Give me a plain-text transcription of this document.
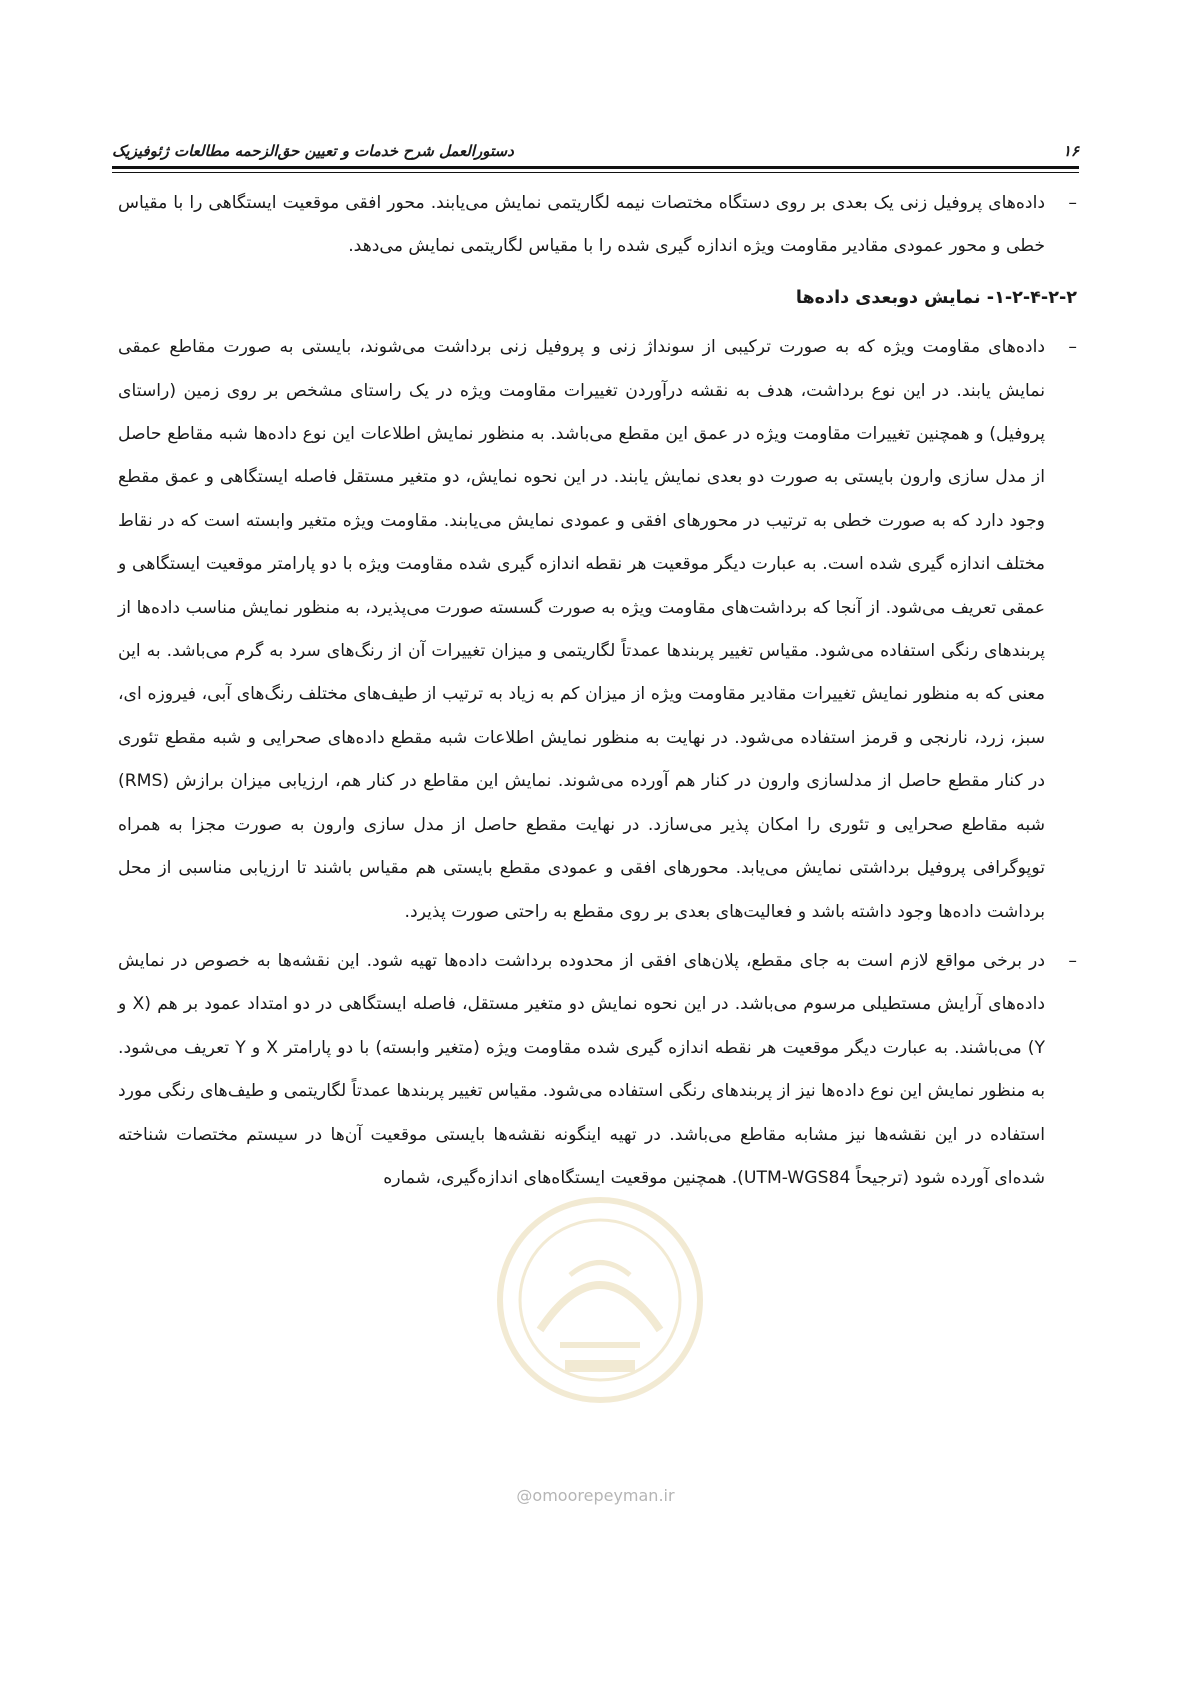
۱۶
دستورالعمل شرح خدمات و تعیین حق‌الزحمه مطالعات ژئوفیزیک

–
داده‌های پروفیل زنی یک بعدی بر روی دستگاه مختصات نیمه لگاریتمی نمایش می‌یابند. محور افقی موقعیت ایستگاهی را با مقیاس خطی و محور عمودی مقادیر مقاومت ویژه اندازه گیری شده را با مقیاس لگاریتمی نمایش می‌دهد.

۱-۲-۴-۲-۲- نمایش دوبعدی داده‌ها

–
داده‌های مقاومت ویژه که به صورت ترکیبی از سونداژ زنی و پروفیل زنی برداشت می‌شوند، بایستی به صورت مقاطع عمقی نمایش یابند. در این نوع برداشت، هدف به نقشه درآوردن تغییرات مقاومت ویژه در یک راستای مشخص بر روی زمین (راستای پروفیل) و همچنین تغییرات مقاومت ویژه در عمق این مقطع می‌باشد. به منظور نمایش اطلاعات این نوع داده‌ها شبه مقاطع حاصل از مدل سازی وارون بایستی به صورت دو بعدی نمایش یابند. در این نحوه نمایش، دو متغیر مستقل فاصله ایستگاهی و عمق مقطع وجود دارد که به صورت خطی به ترتیب در محورهای افقی و عمودی نمایش می‌یابند. مقاومت ویژه متغیر وابسته است که در نقاط مختلف اندازه گیری شده است. به عبارت دیگر موقعیت هر نقطه اندازه گیری شده مقاومت ویژه با دو پارامتر موقعیت ایستگاهی و عمقی تعریف می‌شود. از آنجا که برداشت‌های مقاومت ویژه به صورت گسسته صورت می‌پذیرد، به منظور نمایش مناسب داده‌ها از پربندهای رنگی استفاده می‌شود. مقیاس تغییر پربندها عمدتاً لگاریتمی و میزان تغییرات آن از رنگ‌های سرد به گرم می‌باشد. به این معنی که به منظور نمایش تغییرات مقادیر مقاومت ویژه از میزان کم به زیاد به ترتیب از طیف‌های مختلف رنگ‌های آبی، فیروزه ای، سبز، زرد، نارنجی و قرمز استفاده می‌شود. در نهایت به منظور نمایش اطلاعات شبه مقطع داده‌های صحرایی و شبه مقطع تئوری در کنار مقطع حاصل از مدلسازی وارون در کنار هم آورده می‌شوند. نمایش این مقاطع در کنار هم، ارزیابی میزان برازش (RMS) شبه مقاطع صحرایی و تئوری را امکان پذیر می‌سازد. در نهایت مقطع حاصل از مدل سازی وارون به صورت مجزا به همراه توپوگرافی پروفیل برداشتی نمایش می‌یابد. محورهای افقی و عمودی مقطع بایستی هم مقیاس باشند تا ارزیابی مناسبی از محل برداشت داده‌ها وجود داشته باشد و فعالیت‌های بعدی بر روی مقطع به راحتی صورت پذیرد.

–
در برخی مواقع لازم است به جای مقطع، پلان‌های افقی از محدوده برداشت داده‌ها تهیه شود. این نقشه‌ها به خصوص در نمایش داده‌های آرایش مستطیلی مرسوم می‌باشد. در این نحوه نمایش دو متغیر مستقل، فاصله ایستگاهی در دو امتداد عمود بر هم (X و Y) می‌باشند. به عبارت دیگر موقعیت هر نقطه اندازه گیری شده مقاومت ویژه (متغیر وابسته) با دو پارامتر X و Y تعریف می‌شود. به منظور نمایش این نوع داده‌ها نیز از پربندهای رنگی استفاده می‌شود. مقیاس تغییر پربندها عمدتاً لگاریتمی و طیف‌های رنگی مورد استفاده در این نقشه‌ها نیز مشابه مقاطع می‌باشد. در تهیه اینگونه نقشه‌ها بایستی موقعیت آن‌ها در سیستم مختصات شناخته شده‌ای آورده شود (ترجیحاً UTM-WGS84). همچنین موقعیت ایستگاه‌های اندازه‌گیری، شماره

@omoorepeyman.ir
